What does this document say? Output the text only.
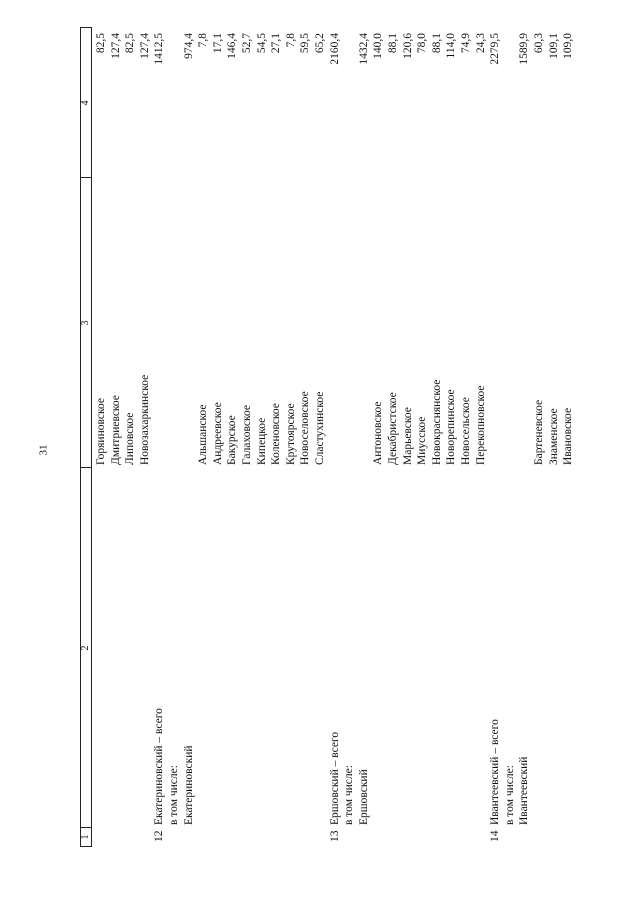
31
1
2
3
4
Горяиновское
82,5
Дмитриевское
127,4
Липовское
82,5
Новозахаркинское
127,4
12
Екатериновский – всего
1412,5
в том числе: Екатериновский
974,4
Альшанское
7,8
Андреевское
17,1
Бакурское
146,4
Галаховское
52,7
Кипецкое
54,5
Коленовское
27,1
Крутоярское
7,8
Новоселовское
59,5
Сластухинское
65,2
13
Ершовский – всего
2160,4
в том числе: Ершовский
1432,4
Антоновское
140,0
Декабристское
88,1
Марьевское
120,6
Миусское
78,0
Новокраснянское
88,1
Новорепинское
114,0
Новосельское
74,9
Перекопновское
24,3
14
Ивантеевский – всего
2279,5
в том числе: Ивантеевский
1589,9
Бартеневское
60,3
Знаменское
109,1
Ивановское
109,0
